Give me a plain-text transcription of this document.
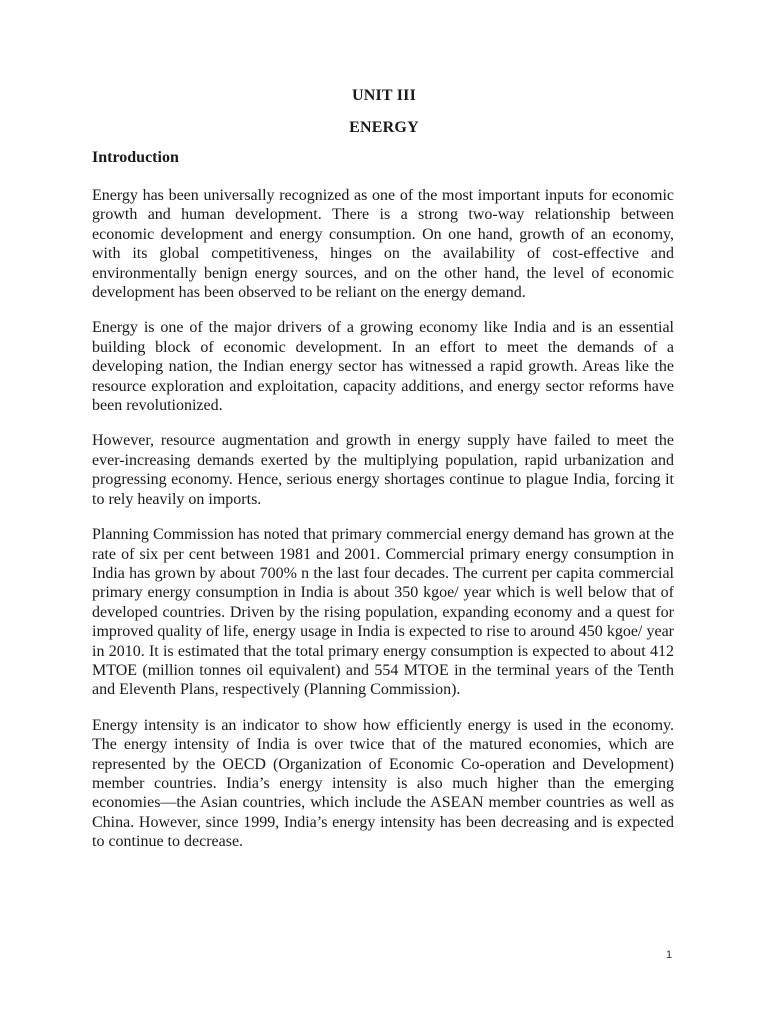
UNIT III
ENERGY
Introduction

Energy has been universally recognized as one of the most important inputs for economic growth and human development. There is a strong two-way relationship between economic development and energy consumption. On one hand, growth of an economy, with its global competitiveness, hinges on the availability of cost-effective and environmentally benign energy sources, and on the other hand, the level of economic development has been observed to be reliant on the energy demand.

Energy is one of the major drivers of a growing economy like India and is an essential building block of economic development. In an effort to meet the demands of a developing nation, the Indian energy sector has witnessed a rapid growth. Areas like the resource exploration and exploitation, capacity additions, and energy sector reforms have been revolutionized.

However, resource augmentation and growth in energy supply have failed to meet the ever-increasing demands exerted by the multiplying population, rapid urbanization and progressing economy. Hence, serious energy shortages continue to plague India, forcing it to rely heavily on imports.

Planning Commission has noted that primary commercial energy demand has grown at the rate of six per cent between 1981 and 2001. Commercial primary energy consumption in India has grown by about 700% n the last four decades. The current per capita commercial primary energy consumption in India is about 350 kgoe/ year which is well below that of developed countries. Driven by the rising population, expanding economy and a quest for improved quality of life, energy usage in India is expected to rise to around 450 kgoe/ year in 2010. It is estimated that the total primary energy consumption is expected to about 412 MTOE (million tonnes oil equivalent) and 554 MTOE in the terminal years of the Tenth and Eleventh Plans, respectively (Planning Commission).

Energy intensity is an indicator to show how efficiently energy is used in the economy. The energy intensity of India is over twice that of the matured economies, which are represented by the OECD (Organization of Economic Co-operation and Development) member countries. India’s energy intensity is also much higher than the emerging economies—the Asian countries, which include the ASEAN member countries as well as China. However, since 1999, India’s energy intensity has been decreasing and is expected to continue to decrease.

1
